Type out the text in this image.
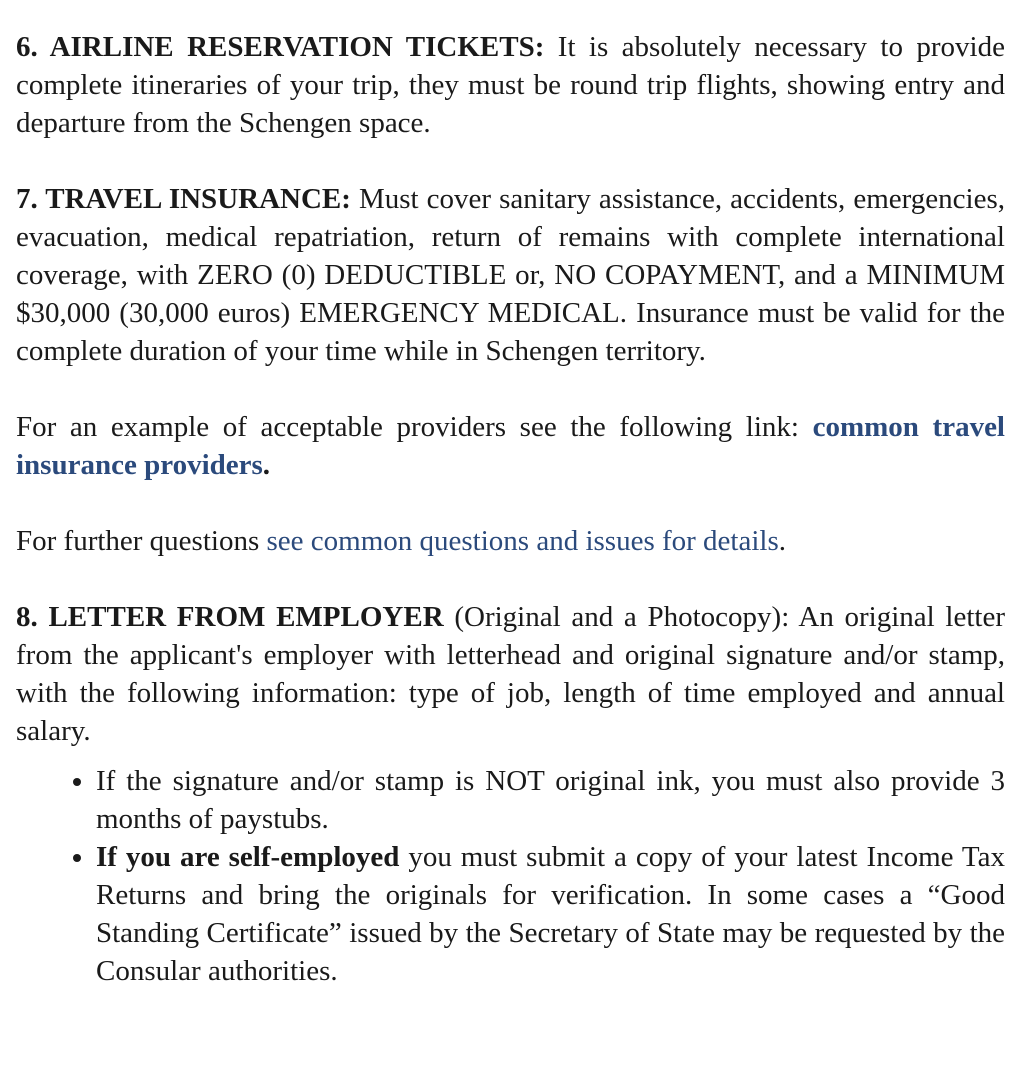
6. AIRLINE RESERVATION TICKETS: It is absolutely necessary to provide complete itineraries of your trip, they must be round trip flights, showing entry and departure from the Schengen space.

7. TRAVEL INSURANCE: Must cover sanitary assistance, accidents, emergencies, evacuation, medical repatriation, return of remains with complete international coverage, with ZERO (0) DEDUCTIBLE or, NO COPAYMENT, and a MINIMUM $30,000 (30,000 euros) EMERGENCY MEDICAL. Insurance must be valid for the complete duration of your time while in Schengen territory.

For an example of acceptable providers see the following link: common travel insurance providers.

For further questions see common questions and issues for details.

8. LETTER FROM EMPLOYER (Original and a Photocopy): An original letter from the applicant's employer with letterhead and original signature and/or stamp, with the following information: type of job, length of time employed and annual salary.

• If the signature and/or stamp is NOT original ink, you must also provide 3 months of paystubs.
• If you are self-employed you must submit a copy of your latest Income Tax Returns and bring the originals for verification. In some cases a “Good Standing Certificate” issued by the Secretary of State may be requested by the Consular authorities.
